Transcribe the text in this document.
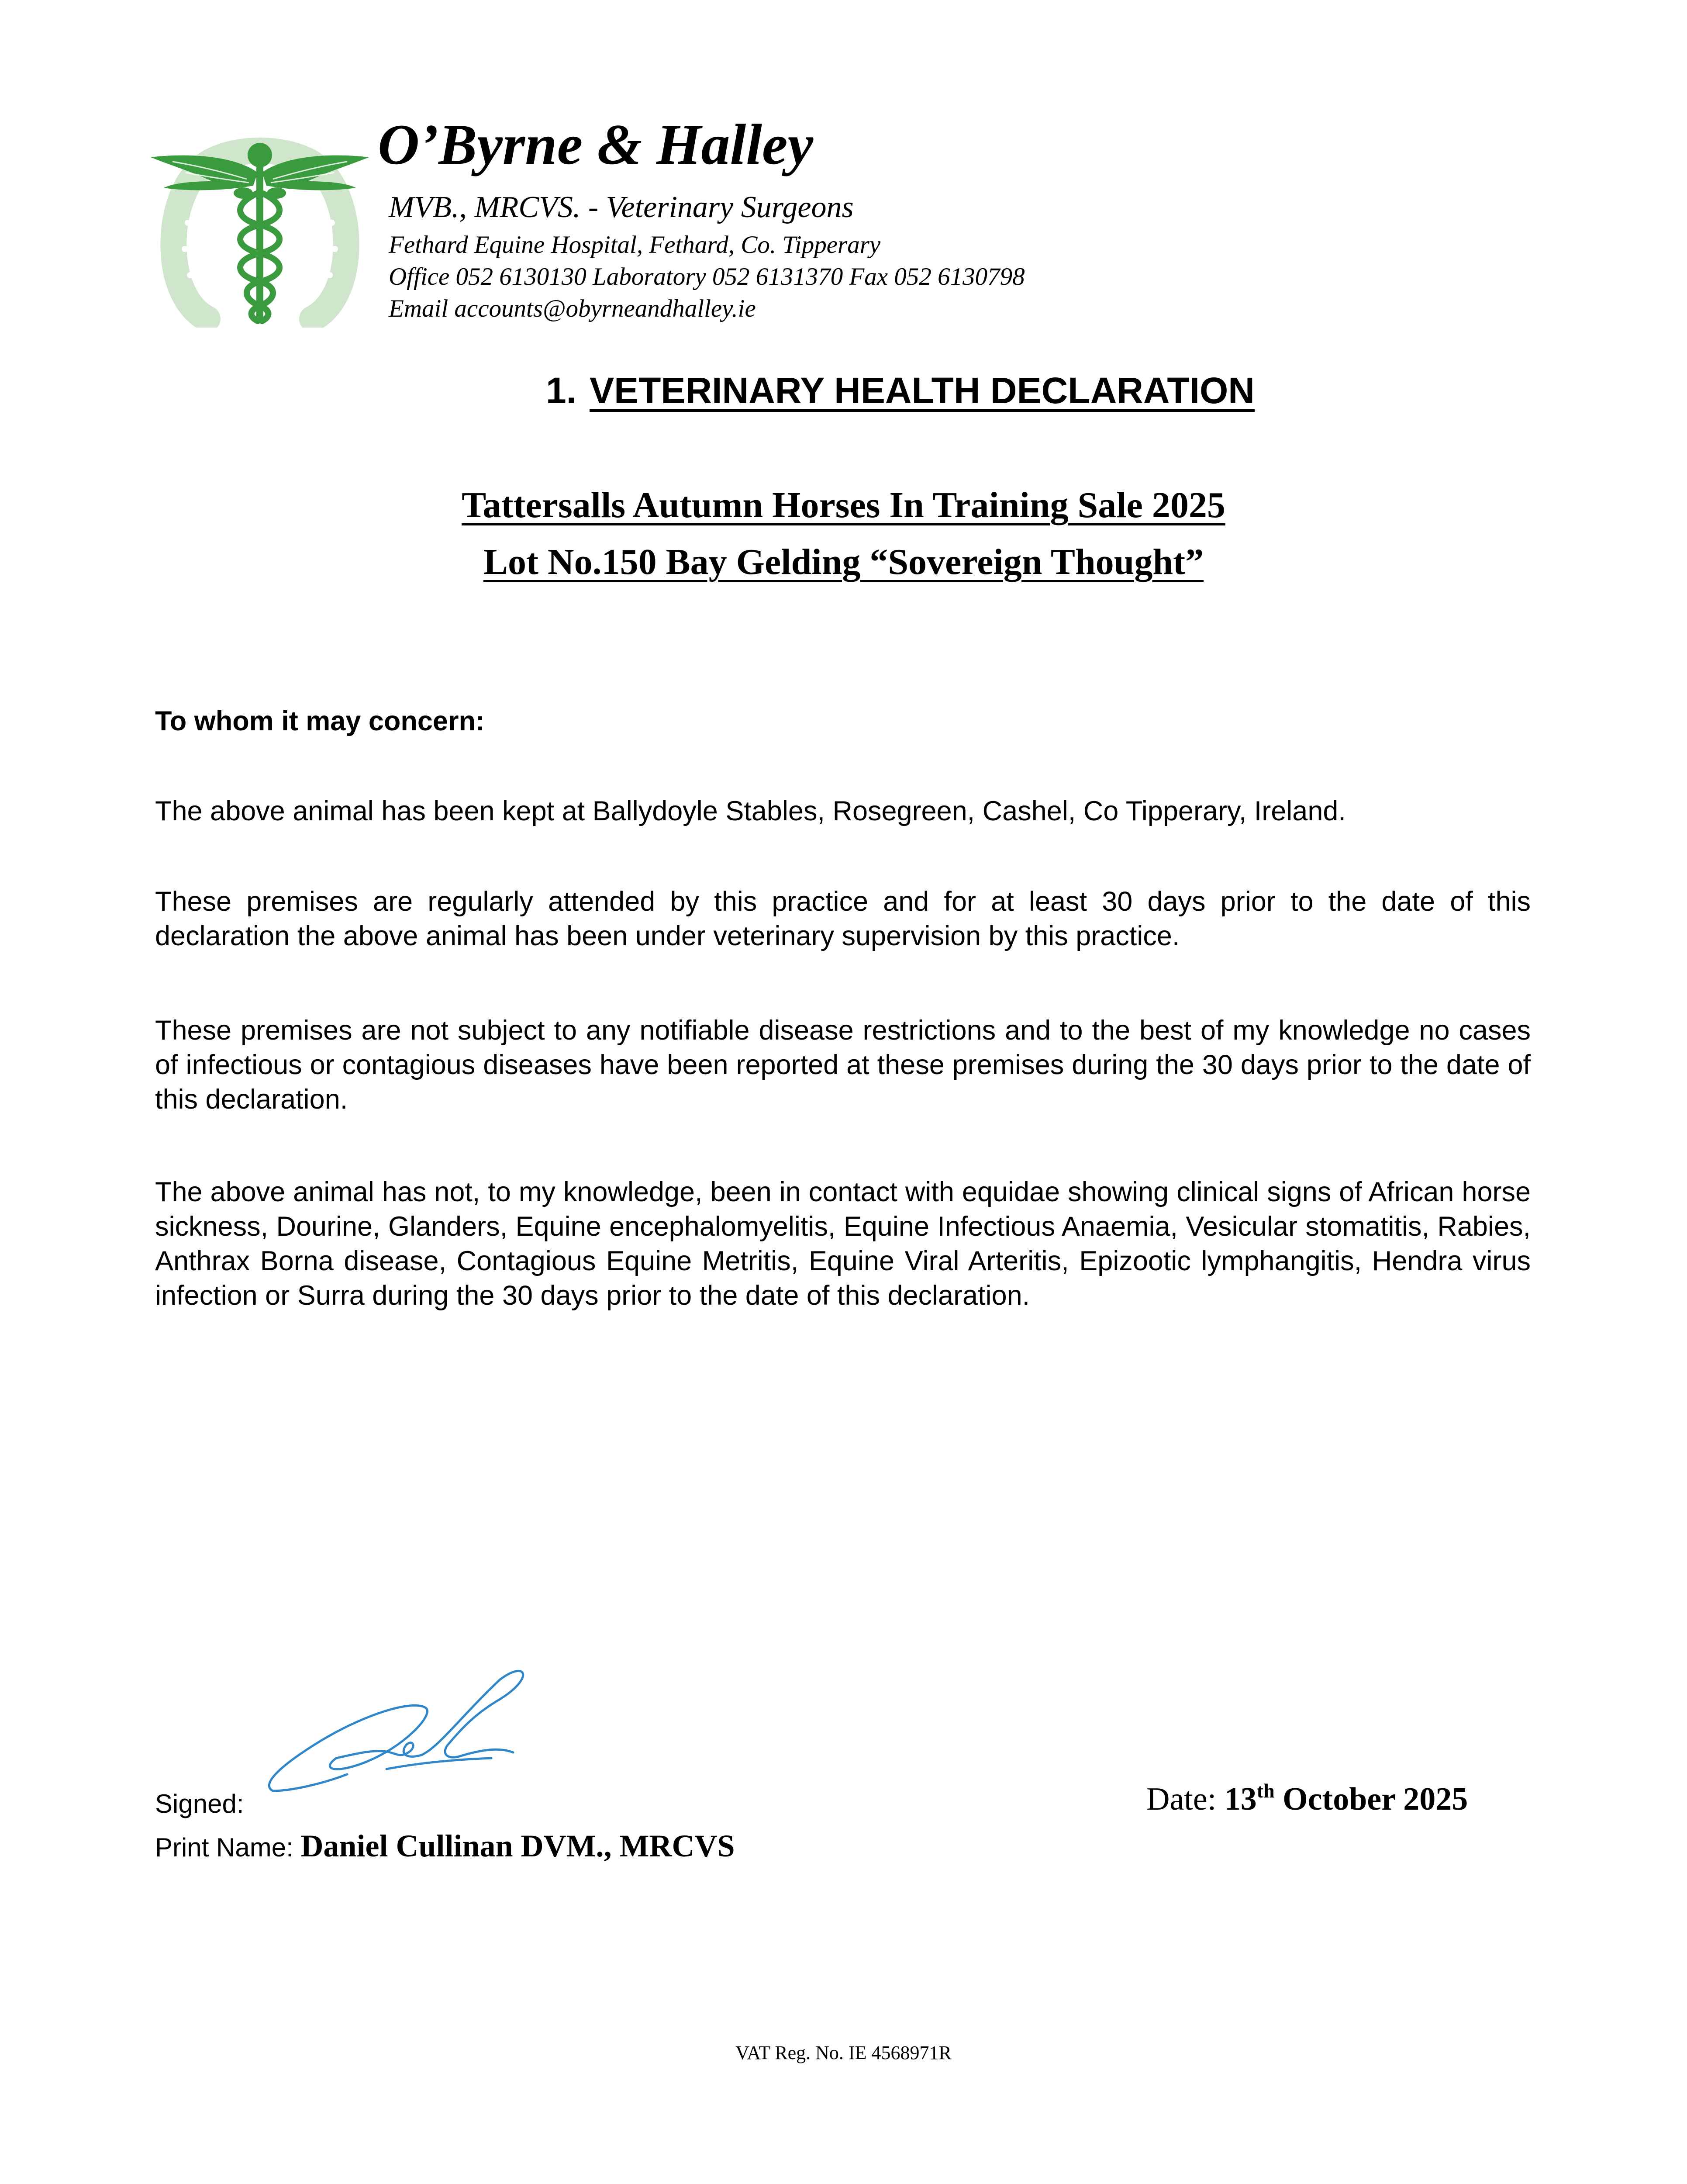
O’Byrne & Halley
MVB., MRCVS. - Veterinary Surgeons
Fethard Equine Hospital, Fethard, Co. Tipperary
Office 052 6130130 Laboratory 052 6131370 Fax 052 6130798
Email accounts@obyrneandhalley.ie
1. VETERINARY HEALTH DECLARATION
Tattersalls Autumn Horses In Training Sale 2025
Lot No.150 Bay Gelding “Sovereign Thought”
To whom it may concern:
The above animal has been kept at Ballydoyle Stables, Rosegreen, Cashel, Co Tipperary, Ireland.
These premises are regularly attended by this practice and for at least 30 days prior to the date of this declaration the above animal has been under veterinary supervision by this practice.
These premises are not subject to any notifiable disease restrictions and to the best of my knowledge no cases of infectious or contagious diseases have been reported at these premises during the 30 days prior to the date of this declaration.
The above animal has not, to my knowledge, been in contact with equidae showing clinical signs of African horse sickness, Dourine, Glanders, Equine encephalomyelitis, Equine Infectious Anaemia, Vesicular stomatitis, Rabies, Anthrax Borna disease, Contagious Equine Metritis, Equine Viral Arteritis, Epizootic lymphangitis, Hendra virus infection or Surra during the 30 days prior to the date of this declaration.
Signed:	Date: 13th October 2025
Print Name: Daniel Cullinan DVM., MRCVS
VAT Reg. No. IE 4568971R
